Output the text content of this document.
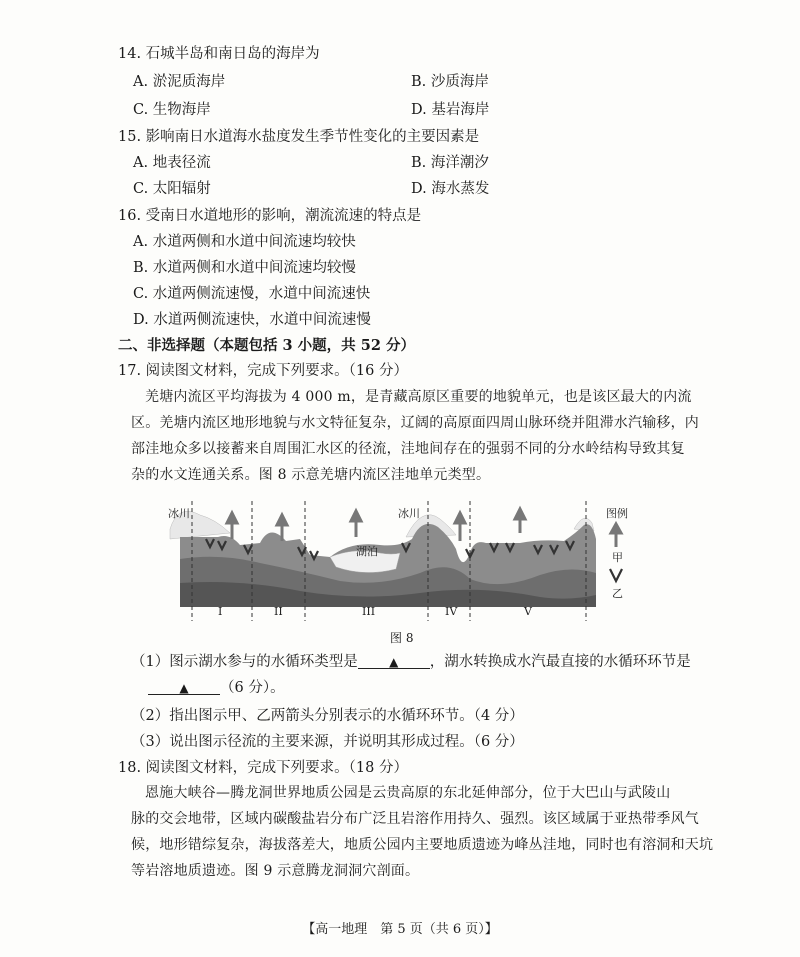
14. 石城半岛和南日岛的海岸为
A. 淤泥质海岸	B. 沙质海岸
C. 生物海岸	D. 基岩海岸
15. 影响南日水道海水盐度发生季节性变化的主要因素是
A. 地表径流	B. 海洋潮汐
C. 太阳辐射	D. 海水蒸发
16. 受南日水道地形的影响，潮流流速的特点是
A. 水道两侧和水道中间流速均较快
B. 水道两侧和水道中间流速均较慢
C. 水道两侧流速慢，水道中间流速快
D. 水道两侧流速快，水道中间流速慢
二、非选择题（本题包括 3 小题，共 52 分）
17. 阅读图文材料，完成下列要求。（16 分）
羌塘内流区平均海拔为 4 000 m，是青藏高原区重要的地貌单元，也是该区最大的内流
区。羌塘内流区地形地貌与水文特征复杂，辽阔的高原面四周山脉环绕并阻滞水汽输移，内
部洼地众多以接蓄来自周围汇水区的径流，洼地间存在的强弱不同的分水岭结构导致其复
杂的水文连通关系。图 8 示意羌塘内流区洼地单元类型。
冰川	冰川
湖泊
I	II	III	IV	V
图例
甲
乙
图 8
（1）图示湖水参与的水循环类型是	▲ ，湖水转换成水汽最直接的水循环环节是
▲ （6 分）。
（2）指出图示甲、乙两箭头分别表示的水循环环节。（4 分）
（3）说出图示径流的主要来源，并说明其形成过程。（6 分）
18. 阅读图文材料，完成下列要求。（18 分）
恩施大峡谷—腾龙洞世界地质公园是云贵高原的东北延伸部分，位于大巴山与武陵山
脉的交会地带，区域内碳酸盐岩分布广泛且岩溶作用持久、强烈。该区域属于亚热带季风气
候，地形错综复杂，海拔落差大，地质公园内主要地质遗迹为峰丛洼地，同时也有溶洞和天坑
等岩溶地质遗迹。图 9 示意腾龙洞洞穴剖面。
【高一地理　第 5 页（共 6 页）】
